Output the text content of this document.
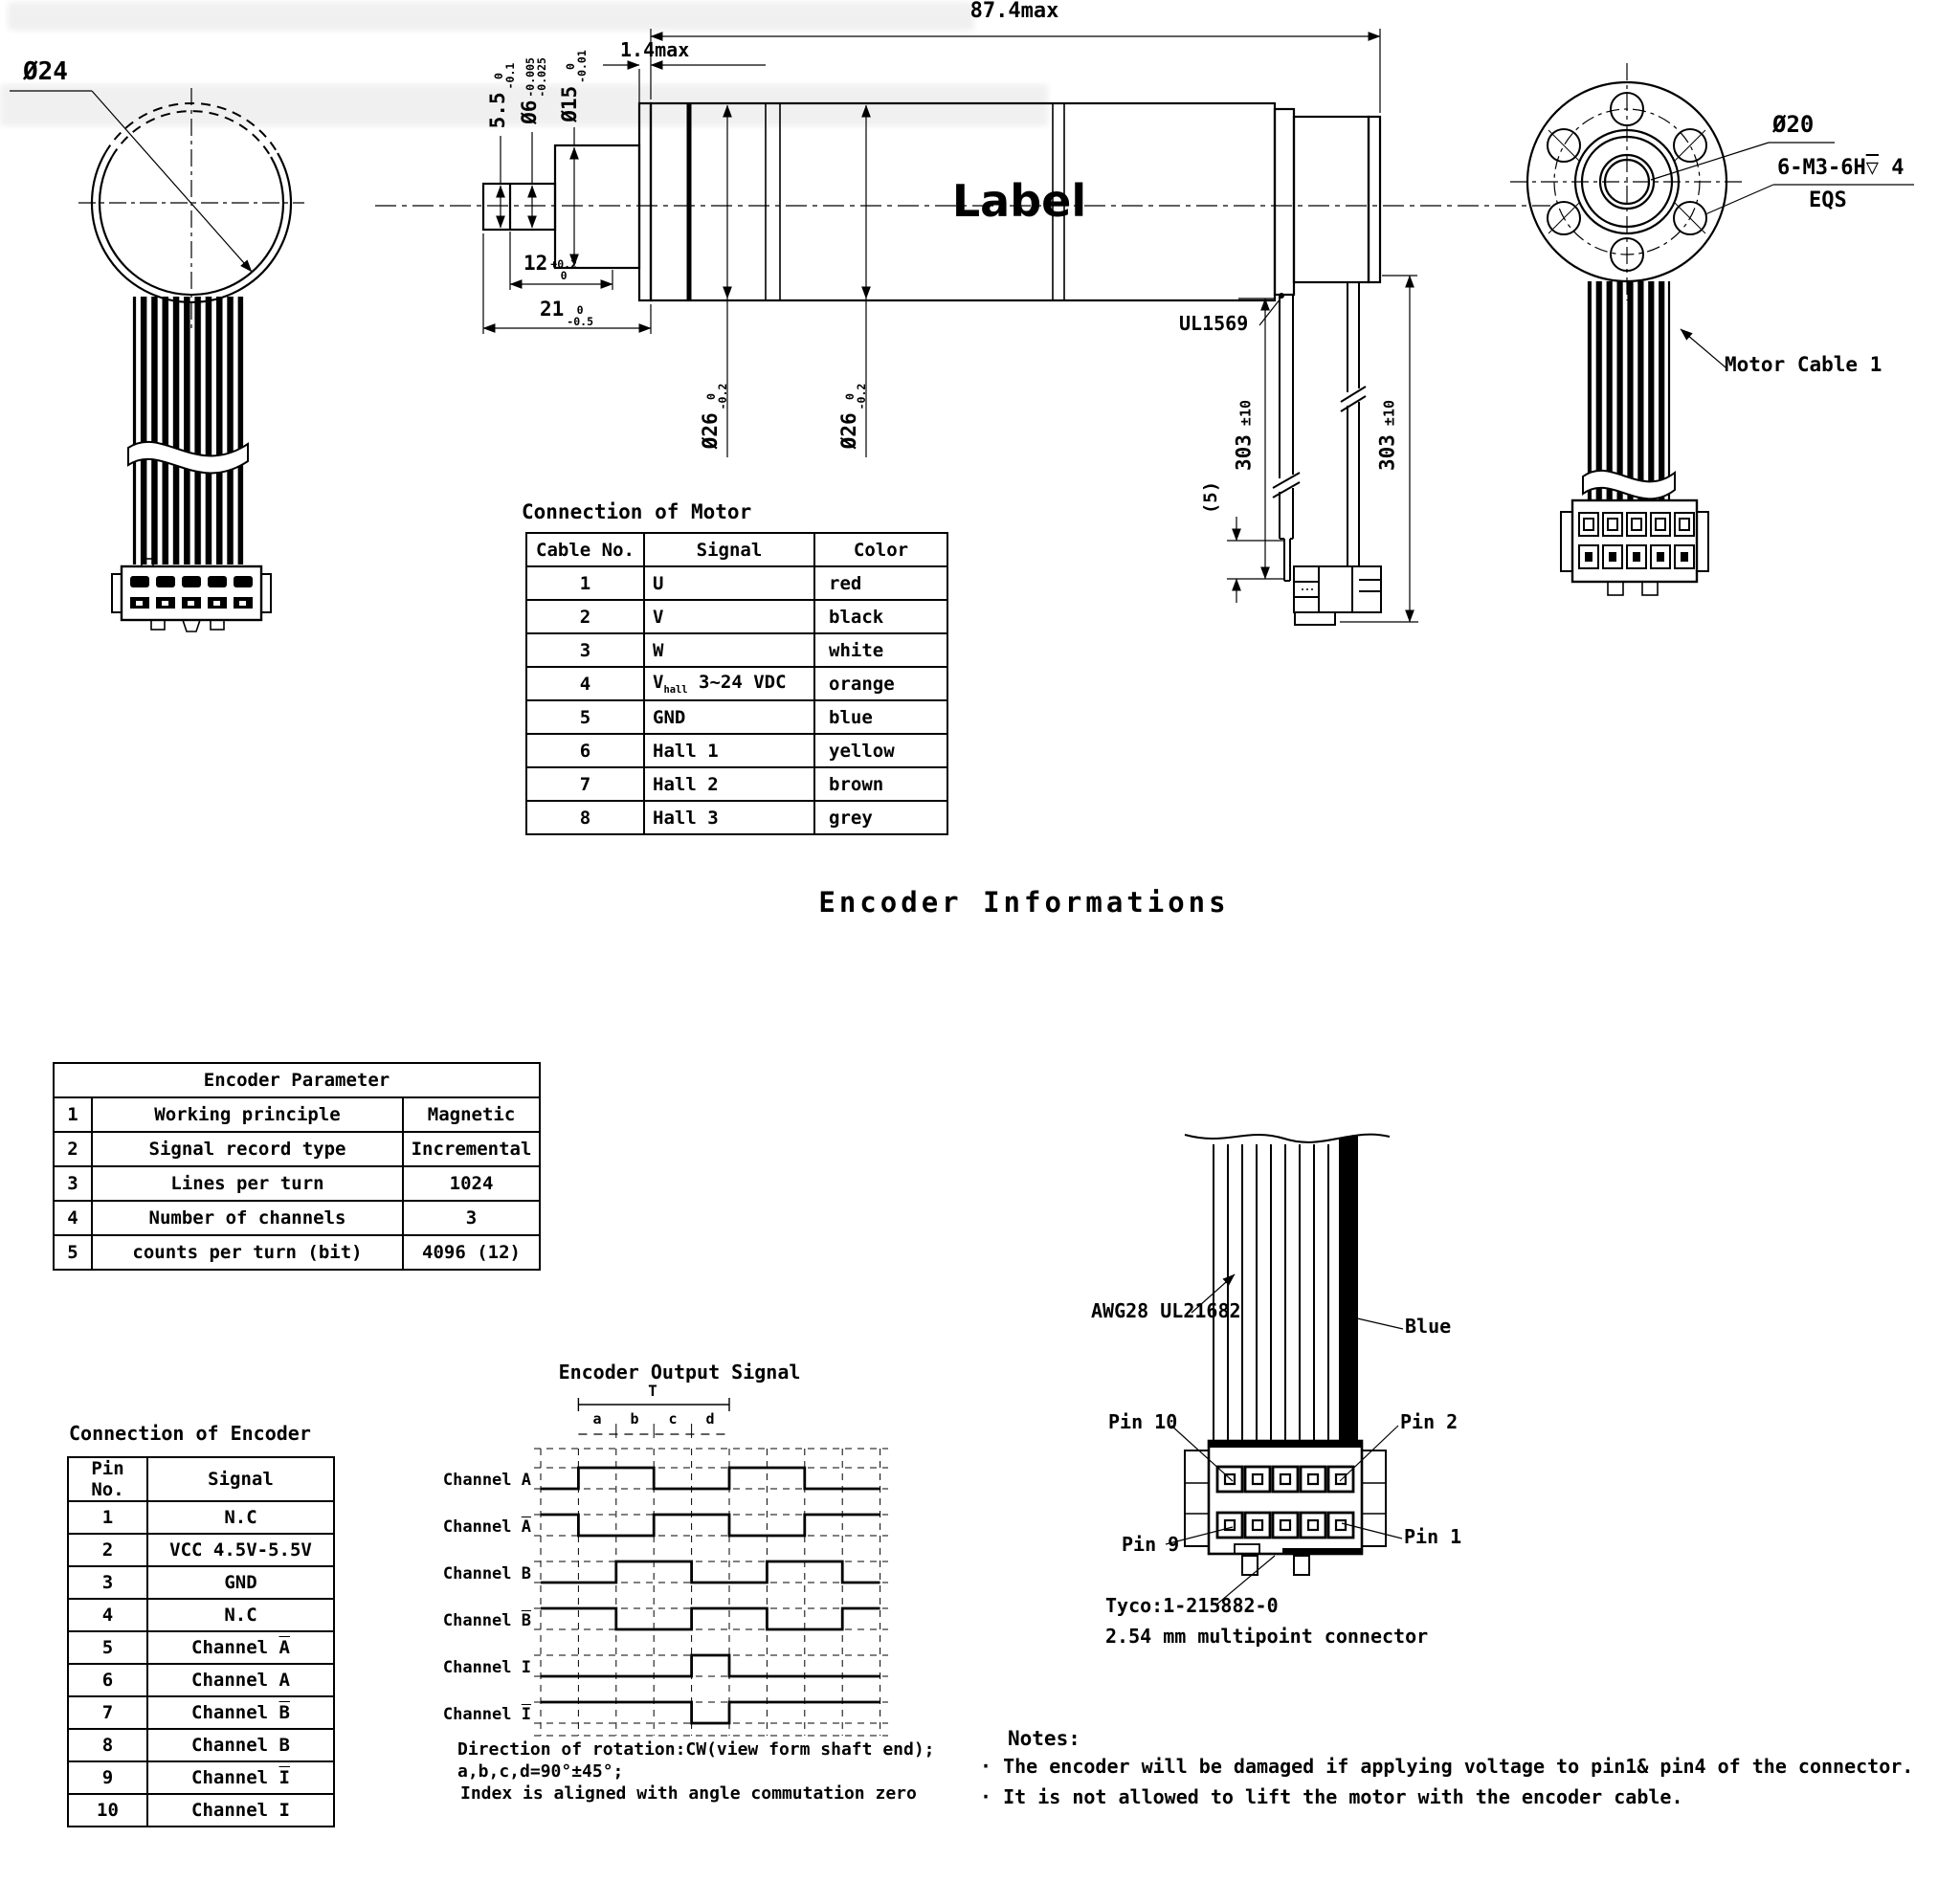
Ø24
87.4max
1.4max
5.5
0
-0.1
Ø6
-0.005
-0.025
Ø15
0
-0.01
12 +0.2
0
21	0
-0.5
Label
Ø26
0
-0.2
Ø26
0
-0.2
UL1569
303 ±10
(5)
303 ±10
Ø20
6-M3-6H▽ 4
EQS
Motor Cable 1
Connection of Motor
Cable No.	Signal	Color
1	U	red
2	V	black
3	W	white
4	$V_{hall}$ 3~24 VDC	orange
5	GND	blue
6	Hall 1	yellow
7	Hall 2	brown
8	Hall 3	grey
Encoder Informations
Encoder Parameter		
1	Working principle	Magnetic
2	Signal record type	Incremental
3	Lines per turn	1024
4	Number of channels	3
5	counts per turn (bit)	4096 (12)
Connection of Encoder
Pin No.	Signal
1	N.C
2	VCC 4.5V-5.5V
3	GND
4	N.C
5	Channel $\overline{A}$
6	Channel A
7	Channel $\overline{B}$
8	Channel B
9	Channel $\overline{I}$
10	Channel I
Encoder Output Signal
T
a	b	c	d
Channel A
Channel $\overline{A}$
Channel B
Channel $\overline{B}$
Channel I
Channel $\overline{I}$
Direction of rotation:CW(view form shaft end);
a,b,c,d=90°±45°;
Index is aligned with angle commutation zero
AWG28 UL21682
Blue
Pin 10	Pin 2
Pin 9	Pin 1
Tyco:1-215882-0
2.54 mm multipoint connector
Notes:
· The encoder will be damaged if applying voltage to pin1& pin4 of the connector.
· It is not allowed to lift the motor with the encoder cable.
